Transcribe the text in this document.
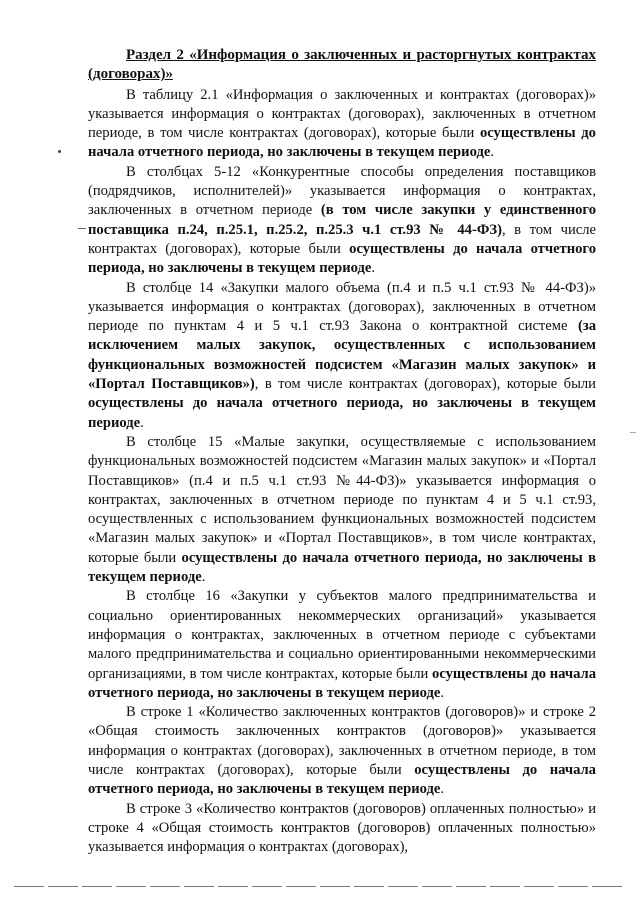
Раздел 2 «Информация о заключенных и расторгнутых контрактах (договорах)»

В таблицу 2.1 «Информация о заключенных и контрактах (договорах)» указывается информация о контрактах (договорах), заключенных в отчетном периоде, в том числе контрактах (договорах), которые были осуществлены до начала отчетного периода, но заключены в текущем периоде.

В столбцах 5-12 «Конкурентные способы определения поставщиков (подрядчиков, исполнителей)» указывается информация о контрактах, заключенных в отчетном периоде (в том числе закупки у единственного поставщика п.24, п.25.1, п.25.2, п.25.3 ч.1 ст.93 № 44-ФЗ), в том числе контрактах (договорах), которые были осуществлены до начала отчетного периода, но заключены в текущем периоде.

В столбце 14 «Закупки малого объема (п.4 и п.5 ч.1 ст.93 № 44-ФЗ)» указывается информация о контрактах (договорах), заключенных в отчетном периоде по пунктам 4 и 5 ч.1 ст.93 Закона о контрактной системе (за исключением малых закупок, осуществленных с использованием функциональных возможностей подсистем «Магазин малых закупок» и «Портал Поставщиков»), в том числе контрактах (договорах), которые были осуществлены до начала отчетного периода, но заключены в текущем периоде.

В столбце 15 «Малые закупки, осуществляемые с использованием функциональных возможностей подсистем «Магазин малых закупок» и «Портал Поставщиков» (п.4 и п.5 ч.1 ст.93 №44-ФЗ)» указывается информация о контрактах, заключенных в отчетном периоде по пунктам 4 и 5 ч.1 ст.93, осуществленных с использованием функциональных возможностей подсистем «Магазин малых закупок» и «Портал Поставщиков», в том числе контрактах, которые были осуществлены до начала отчетного периода, но заключены в текущем периоде.

В столбце 16 «Закупки у субъектов малого предпринимательства и социально ориентированных некоммерческих организаций» указывается информация о контрактах, заключенных в отчетном периоде с субъектами малого предпринимательства и социально ориентированными некоммерческими организациями, в том числе контрактах, которые были осуществлены до начала отчетного периода, но заключены в текущем периоде.

В строке 1 «Количество заключенных контрактов (договоров)» и строке 2 «Общая стоимость заключенных контрактов (договоров)» указывается информация о контрактах (договорах), заключенных в отчетном периоде, в том числе контрактах (договорах), которые были осуществлены до начала отчетного периода, но заключены в текущем периоде.

В строке 3 «Количество контрактов (договоров) оплаченных полностью» и строке 4 «Общая стоимость контрактов (договоров) оплаченных полностью» указывается информация о контрактах (договорах),
